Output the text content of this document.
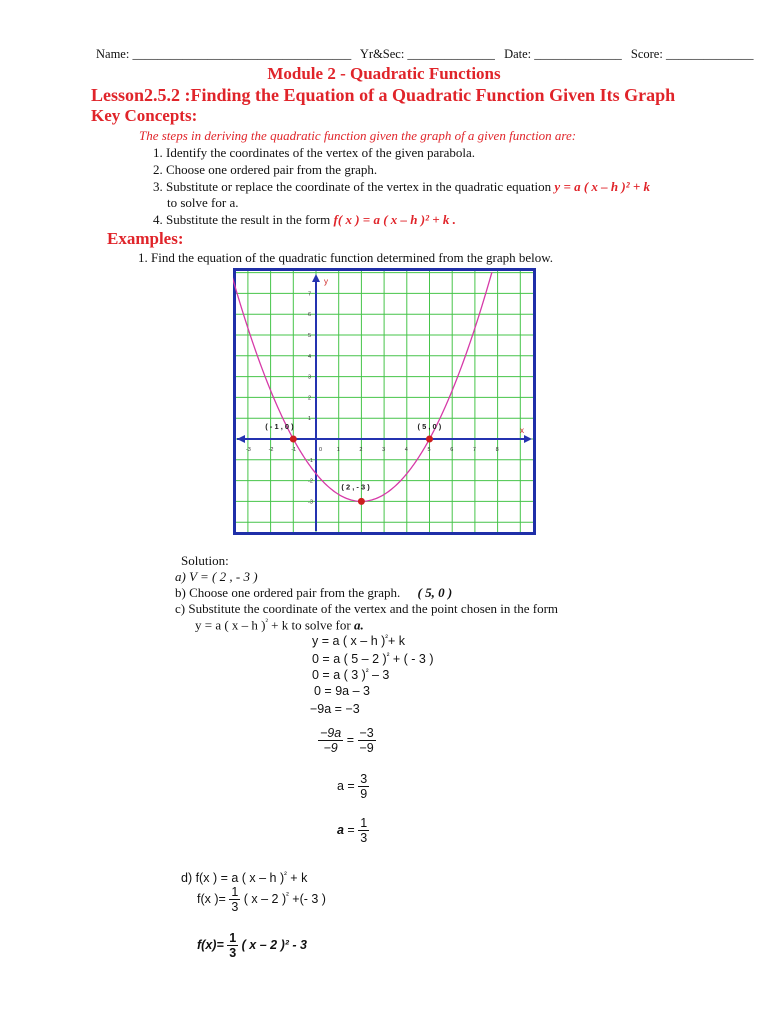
Name: ___________________________________ Yr&Sec: ______________ Date: ______________ Score: ______________
Module 2 - Quadratic Functions
Lesson2.5.2 :Finding the Equation of a Quadratic Function Given Its Graph
Key Concepts:
The steps in deriving the quadratic function given the graph of a given function are:
1. Identify the coordinates of the vertex of the given parabola.
2. Choose one ordered pair from the graph.
3. Substitute or replace the coordinate of the vertex in the quadratic equation y = a ( x – h )² + k
to solve for a.
4. Substitute the result in the form f( x ) = a ( x – h )² + k .
Examples:
1. Find the equation of the quadratic function determined from the graph below.
x
y
-3	-2	-1	0	1	2	3	4	5	6	7	8
7
6
5
4
3
2
1
-1
-2
-3
( - 1 , 0 )	( 5 , 0 )
( 2 , - 3 )
Solution:
a) V = ( 2 , - 3 )
b) Choose one ordered pair from the graph. ( 5, 0 )
c) Substitute the coordinate of the vertex and the point chosen in the form
y = a ( x – h )$^{^2}$ + k to solve for a.
y = a ( x – h )$^{^2}$+ k
0 = a ( 5 – 2 )$^{^2}$ + ( - 3 )
0 = a ( 3 )$^{^2}$ – 3
0 = 9a – 3
−9a = −3
$\frac{-9a}{-9} = \frac{-3}{-9}$
$a = \frac{3}{9}$
$a = \frac{1}{3}$
d) f(x ) = a ( x – h )$^{^2}$ + k
f(x )= $\frac{1}{3}$ ( x – 2 )$^{^2}$ +(- 3 )
$f(x)= \frac{1}{3}$ ( x – 2 )² - 3
